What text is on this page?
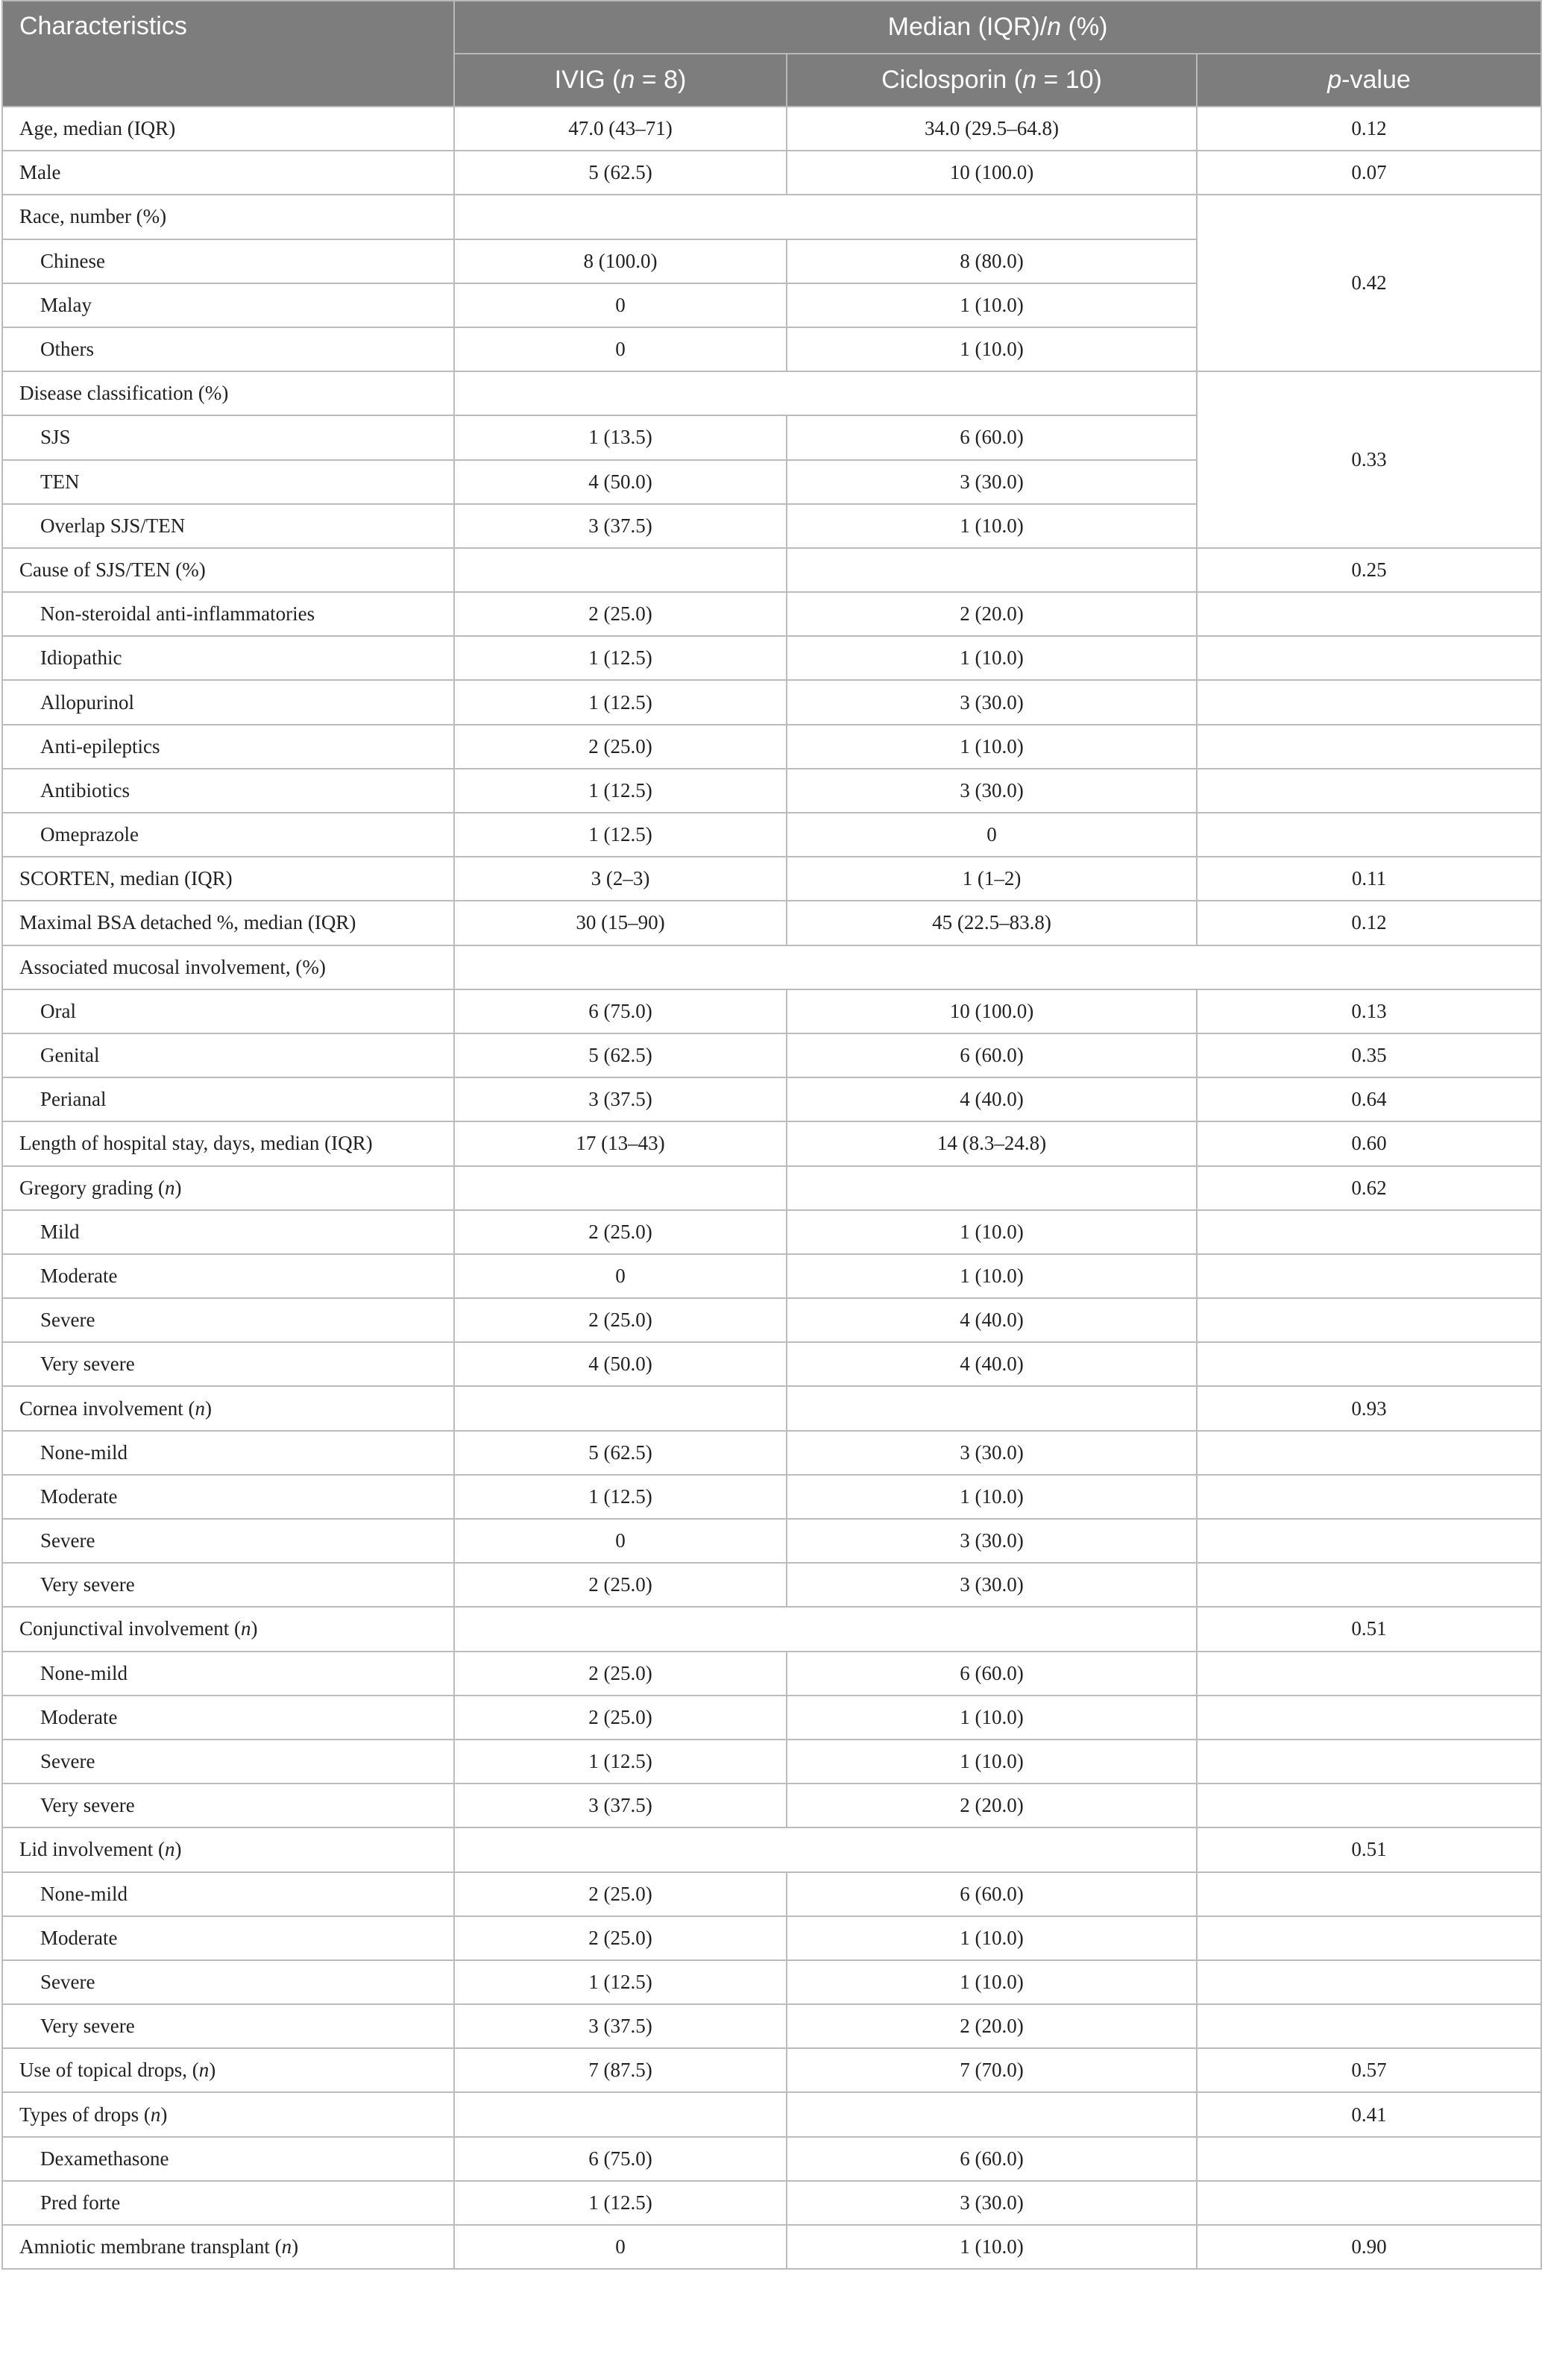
Characteristics	Median (IQR)/n (%)		
	IVIG (n = 8)	Ciclosporin (n = 10)	p-value
Age, median (IQR)	47.0 (43–71)	34.0 (29.5–64.8)	0.12
Male	5 (62.5)	10 (100.0)	0.07
Race, number (%)			0.42
Chinese	8 (100.0)	8 (80.0)	
Malay	0	1 (10.0)	
Others	0	1 (10.0)	
Disease classification (%)			0.33
SJS	1 (13.5)	6 (60.0)	
TEN	4 (50.0)	3 (30.0)	
Overlap SJS/TEN	3 (37.5)	1 (10.0)	
Cause of SJS/TEN (%)			0.25
Non-steroidal anti-inflammatories	2 (25.0)	2 (20.0)	
Idiopathic	1 (12.5)	1 (10.0)	
Allopurinol	1 (12.5)	3 (30.0)	
Anti-epileptics	2 (25.0)	1 (10.0)	
Antibiotics	1 (12.5)	3 (30.0)	
Omeprazole	1 (12.5)	0	
SCORTEN, median (IQR)	3 (2–3)	1 (1–2)	0.11
Maximal BSA detached %, median (IQR)	30 (15–90)	45 (22.5–83.8)	0.12
Associated mucosal involvement, (%)			
Oral	6 (75.0)	10 (100.0)	0.13
Genital	5 (62.5)	6 (60.0)	0.35
Perianal	3 (37.5)	4 (40.0)	0.64
Length of hospital stay, days, median (IQR)	17 (13–43)	14 (8.3–24.8)	0.60
Gregory grading (n)			0.62
Mild	2 (25.0)	1 (10.0)	
Moderate	0	1 (10.0)	
Severe	2 (25.0)	4 (40.0)	
Very severe	4 (50.0)	4 (40.0)	
Cornea involvement (n)			0.93
None-mild	5 (62.5)	3 (30.0)	
Moderate	1 (12.5)	1 (10.0)	
Severe	0	3 (30.0)	
Very severe	2 (25.0)	3 (30.0)	
Conjunctival involvement (n)			0.51
None-mild	2 (25.0)	6 (60.0)	
Moderate	2 (25.0)	1 (10.0)	
Severe	1 (12.5)	1 (10.0)	
Very severe	3 (37.5)	2 (20.0)	
Lid involvement (n)			0.51
None-mild	2 (25.0)	6 (60.0)	
Moderate	2 (25.0)	1 (10.0)	
Severe	1 (12.5)	1 (10.0)	
Very severe	3 (37.5)	2 (20.0)	
Use of topical drops, (n)	7 (87.5)	7 (70.0)	0.57
Types of drops (n)			0.41
Dexamethasone	6 (75.0)	6 (60.0)	
Pred forte	1 (12.5)	3 (30.0)	
Amniotic membrane transplant (n)	0	1 (10.0)	0.90
